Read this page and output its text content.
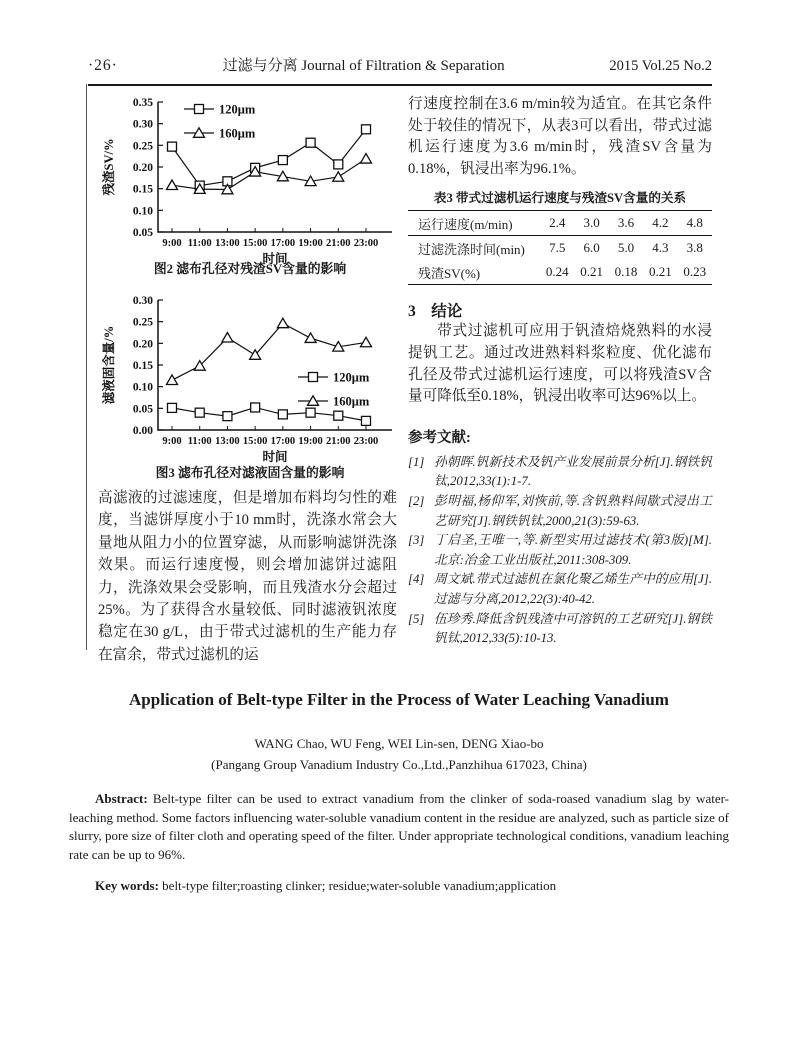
·26·	过滤与分离 Journal of Filtration & Separation	2015 Vol.25 No.2
0.05
0.10
0.15
0.20
0.25
0.30
0.35
9:00 11:00 13:00 15:00 17:00 19:00 21:00 23:00
残渣SV/%
时间
120μm
160μm
图2 滤布孔径对残渣SV含量的影响
0.00
0.05
0.10
0.15
0.20
0.25
0.30
9:00 11:00 13:00 15:00 17:00 19:00 21:00 23:00
滤液固含量/%
时间
120μm
160μm
图3 滤布孔径对滤液固含量的影响

高滤液的过滤速度，但是增加布料均匀性的难度，当滤饼厚度小于10 mm时，洗涤水常会大量地从阻力小的位置穿滤，从而影响滤饼洗涤效果。而运行速度慢，则会增加滤饼过滤阻力，洗涤效果会受影响，而且残渣水分会超过25%。为了获得含水量较低、同时滤液钒浓度稳定在30 g/L，由于带式过滤机的生产能力存在富余，带式过滤机的运

行速度控制在3.6 m/min较为适宜。在其它条件处于较佳的情况下，从表3可以看出，带式过滤机运行速度为3.6 m/min时，残渣SV含量为0.18%，钒浸出率为96.1%。

表3 带式过滤机运行速度与残渣SV含量的关系
运行速度(m/min)	2.4	3.0	3.6	4.2	4.8
过滤洗涤时间(min)	7.5	6.0	5.0	4.3	3.8
残渣SV(%)	0.24	0.21	0.18	0.21	0.23
3　结论

带式过滤机可应用于钒渣焙烧熟料的水浸提钒工艺。通过改进熟料料浆粒度、优化滤布孔径及带式过滤机运行速度，可以将残渣SV含量可降低至0.18%，钒浸出收率可达96%以上。

参考文献:
[1] 孙朝晖.钒新技术及钒产业发展前景分析[J].钢铁钒钛,2012,33(1):1-7.
[2] 彭明福,杨仰军,刘恢前,等.含钒熟料间歇式浸出工艺研究[J].钢铁钒钛,2000,21(3):59-63.
[3] 丁启圣,王唯一,等.新型实用过滤技术(第3版)[M].北京:冶金工业出版社,2011:308-309.
[4] 周文斌.带式过滤机在氯化聚乙烯生产中的应用[J].过滤与分离,2012,22(3):40-42.
[5] 伍珍秀.降低含钒残渣中可溶钒的工艺研究[J].钢铁钒钛,2012,33(5):10-13.
Application of Belt-type Filter in the Process of Water Leaching Vanadium
WANG Chao, WU Feng, WEI Lin-sen, DENG Xiao-bo
(Pangang Group Vanadium Industry Co.,Ltd.,Panzhihua 617023, China)

Abstract: Belt-type filter can be used to extract vanadium from the clinker of soda-roased vanadium slag by water-leaching method. Some factors influencing water-soluble vanadium content in the residue are analyzed, such as particle size of slurry, pore size of filter cloth and operating speed of the filter. Under appropriate technological conditions, vanadium leaching rate can be up to 96%.

Key words: belt-type filter;roasting clinker; residue;water-soluble vanadium;application
